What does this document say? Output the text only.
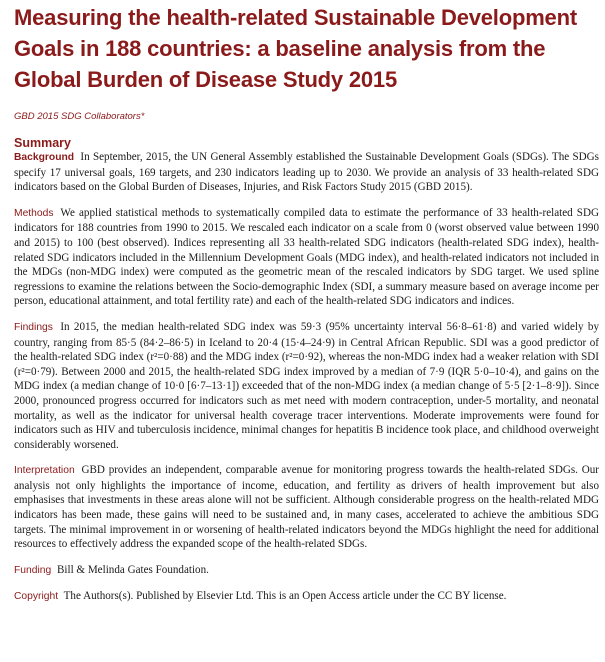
Measuring the health-related Sustainable Development Goals in 188 countries: a baseline analysis from the Global Burden of Disease Study 2015
GBD 2015 SDG Collaborators*
Summary

Background In September, 2015, the UN General Assembly established the Sustainable Development Goals (SDGs). The SDGs specify 17 universal goals, 169 targets, and 230 indicators leading up to 2030. We provide an analysis of 33 health-related SDG indicators based on the Global Burden of Diseases, Injuries, and Risk Factors Study 2015 (GBD 2015).

Methods We applied statistical methods to systematically compiled data to estimate the performance of 33 health-related SDG indicators for 188 countries from 1990 to 2015. We rescaled each indicator on a scale from 0 (worst observed value between 1990 and 2015) to 100 (best observed). Indices representing all 33 health-related SDG indicators (health-related SDG index), health-related SDG indicators included in the Millennium Development Goals (MDG index), and health-related indicators not included in the MDGs (non-MDG index) were computed as the geometric mean of the rescaled indicators by SDG target. We used spline regressions to examine the relations between the Socio-demographic Index (SDI, a summary measure based on average income per person, educational attainment, and total fertility rate) and each of the health-related SDG indicators and indices.

Findings In 2015, the median health-related SDG index was 59·3 (95% uncertainty interval 56·8–61·8) and varied widely by country, ranging from 85·5 (84·2–86·5) in Iceland to 20·4 (15·4–24·9) in Central African Republic. SDI was a good predictor of the health-related SDG index (r²=0·88) and the MDG index (r²=0·92), whereas the non-MDG index had a weaker relation with SDI (r²=0·79). Between 2000 and 2015, the health-related SDG index improved by a median of 7·9 (IQR 5·0–10·4), and gains on the MDG index (a median change of 10·0 [6·7–13·1]) exceeded that of the non-MDG index (a median change of 5·5 [2·1–8·9]). Since 2000, pronounced progress occurred for indicators such as met need with modern contraception, under-5 mortality, and neonatal mortality, as well as the indicator for universal health coverage tracer interventions. Moderate improvements were found for indicators such as HIV and tuberculosis incidence, minimal changes for hepatitis B incidence took place, and childhood overweight considerably worsened.

Interpretation GBD provides an independent, comparable avenue for monitoring progress towards the health-related SDGs. Our analysis not only highlights the importance of income, education, and fertility as drivers of health improvement but also emphasises that investments in these areas alone will not be sufficient. Although considerable progress on the health-related MDG indicators has been made, these gains will need to be sustained and, in many cases, accelerated to achieve the ambitious SDG targets. The minimal improvement in or worsening of health-related indicators beyond the MDGs highlight the need for additional resources to effectively address the expanded scope of the health-related SDGs.

Funding Bill & Melinda Gates Foundation.

Copyright The Authors(s). Published by Elsevier Ltd. This is an Open Access article under the CC BY license.
